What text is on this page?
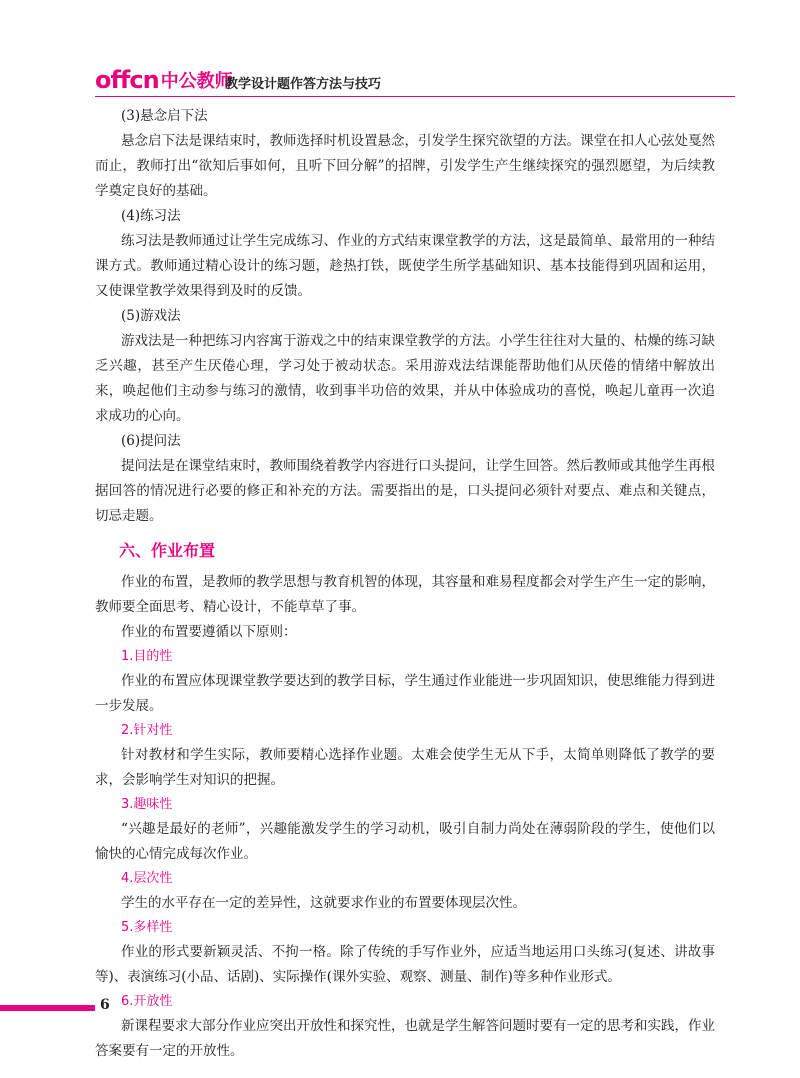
offcn 中公教师
教学设计题作答方法与技巧
(3)悬念启下法

悬念启下法是课结束时，教师选择时机设置悬念，引发学生探究欲望的方法。课堂在扣人心弦处戛然而止，教师打出“欲知后事如何，且听下回分解”的招牌，引发学生产生继续探究的强烈愿望，为后续教学奠定良好的基础。

(4)练习法

练习法是教师通过让学生完成练习、作业的方式结束课堂教学的方法，这是最简单、最常用的一种结课方式。教师通过精心设计的练习题，趁热打铁，既使学生所学基础知识、基本技能得到巩固和运用，又使课堂教学效果得到及时的反馈。

(5)游戏法

游戏法是一种把练习内容寓于游戏之中的结束课堂教学的方法。小学生往往对大量的、枯燥的练习缺乏兴趣，甚至产生厌倦心理，学习处于被动状态。采用游戏法结课能帮助他们从厌倦的情绪中解放出来，唤起他们主动参与练习的激情，收到事半功倍的效果，并从中体验成功的喜悦，唤起儿童再一次追求成功的心向。

(6)提问法

提问法是在课堂结束时，教师围绕着教学内容进行口头提问，让学生回答。然后教师或其他学生再根据回答的情况进行必要的修正和补充的方法。需要指出的是，口头提问必须针对要点、难点和关键点，切忌走题。

六、作业布置

作业的布置，是教师的教学思想与教育机智的体现，其容量和难易程度都会对学生产生一定的影响，教师要全面思考、精心设计，不能草草了事。

作业的布置要遵循以下原则：

1.目的性

作业的布置应体现课堂教学要达到的教学目标，学生通过作业能进一步巩固知识，使思维能力得到进一步发展。

2.针对性

针对教材和学生实际，教师要精心选择作业题。太难会使学生无从下手，太简单则降低了教学的要求，会影响学生对知识的把握。

3.趣味性

“兴趣是最好的老师”，兴趣能激发学生的学习动机，吸引自制力尚处在薄弱阶段的学生，使他们以愉快的心情完成每次作业。

4.层次性

学生的水平存在一定的差异性，这就要求作业的布置要体现层次性。

5.多样性

作业的形式要新颖灵活、不拘一格。除了传统的手写作业外，应适当地运用口头练习(复述、讲故事等)、表演练习(小品、话剧)、实际操作(课外实验、观察、测量、制作)等多种作业形式。

6.开放性

新课程要求大部分作业应突出开放性和探究性，也就是学生解答问题时要有一定的思考和实践，作业答案要有一定的开放性。

6
